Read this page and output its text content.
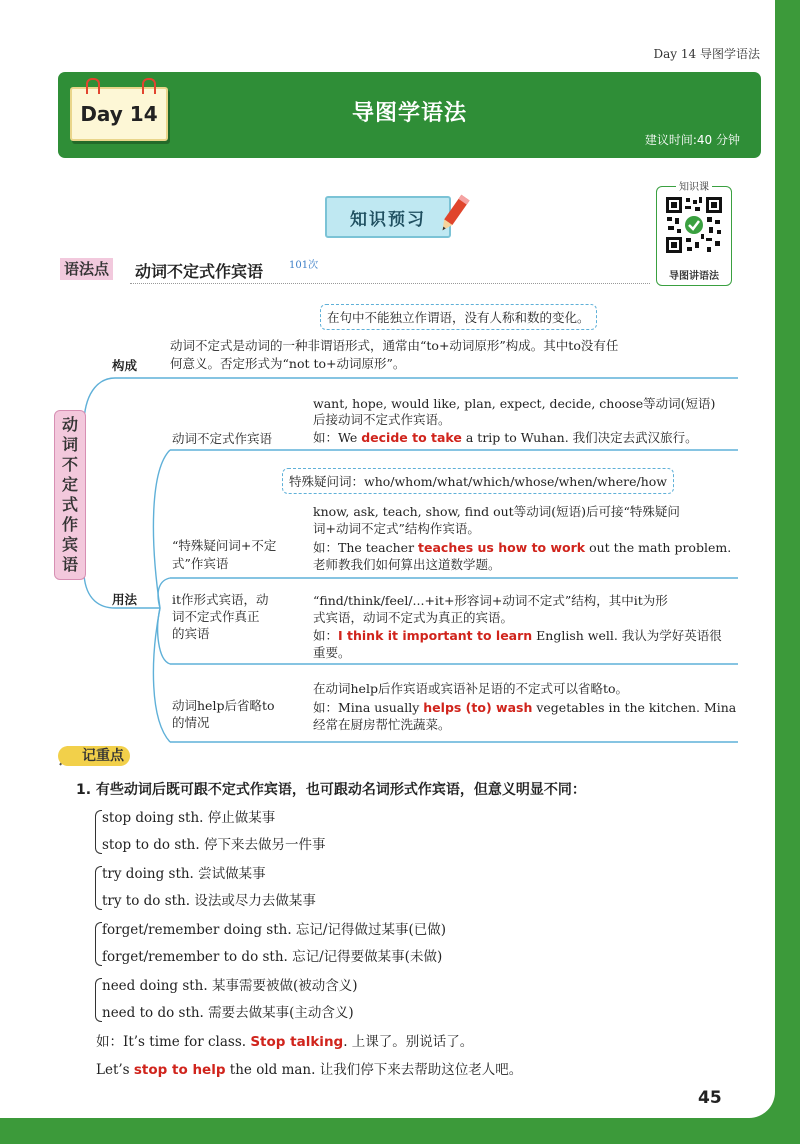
Day 14 导图学语法
Day 14	导图学语法
建议时间:40 分钟
知识预习
知识课
导图讲语法
语法点 动词不定式作宾语	101次
动
词
不
定
式
作
宾
语
构成
在句中不能独立作谓语，没有人称和数的变化。
动词不定式是动词的一种非谓语形式，通常由“to+动词原形”构成。其中to没有任
何意义。否定形式为“not to+动词原形”。
用法
动词不定式作宾语
want, hope, would like, plan, expect, decide, choose等动词(短语)
后接动词不定式作宾语。
如：We decide to take a trip to Wuhan. 我们决定去武汉旅行。
特殊疑问词：who/whom/what/which/whose/when/where/how
“特殊疑问词+不定
式”作宾语
know, ask, teach, show, find out等动词(短语)后可接“特殊疑问
词+动词不定式”结构作宾语。
如：The teacher teaches us how to work out the math problem.
老师教我们如何算出这道数学题。
it作形式宾语，动
词不定式作真正
的宾语
“find/think/feel/...+it+形容词+动词不定式”结构，其中it为形
式宾语，动词不定式为真正的宾语。
如：I think it important to learn English well. 我认为学好英语很
重要。
动词help后省略to
的情况
在动词help后作宾语或宾语补足语的不定式可以省略to。
如：Mina usually helps (to) wash vegetables in the kitchen. Mina
经常在厨房帮忙洗蔬菜。
记重点
1. 有些动词后既可跟不定式作宾语，也可跟动名词形式作宾语，但意义明显不同：
stop doing sth. 停止做某事
stop to do sth. 停下来去做另一件事
try doing sth. 尝试做某事
try to do sth. 设法或尽力去做某事
forget/remember doing sth. 忘记/记得做过某事(已做)
forget/remember to do sth. 忘记/记得要做某事(未做)
need doing sth. 某事需要被做(被动含义)
need to do sth. 需要去做某事(主动含义)
如：It’s time for class. Stop talking. 上课了。别说话了。
Let’s stop to help the old man. 让我们停下来去帮助这位老人吧。
45
